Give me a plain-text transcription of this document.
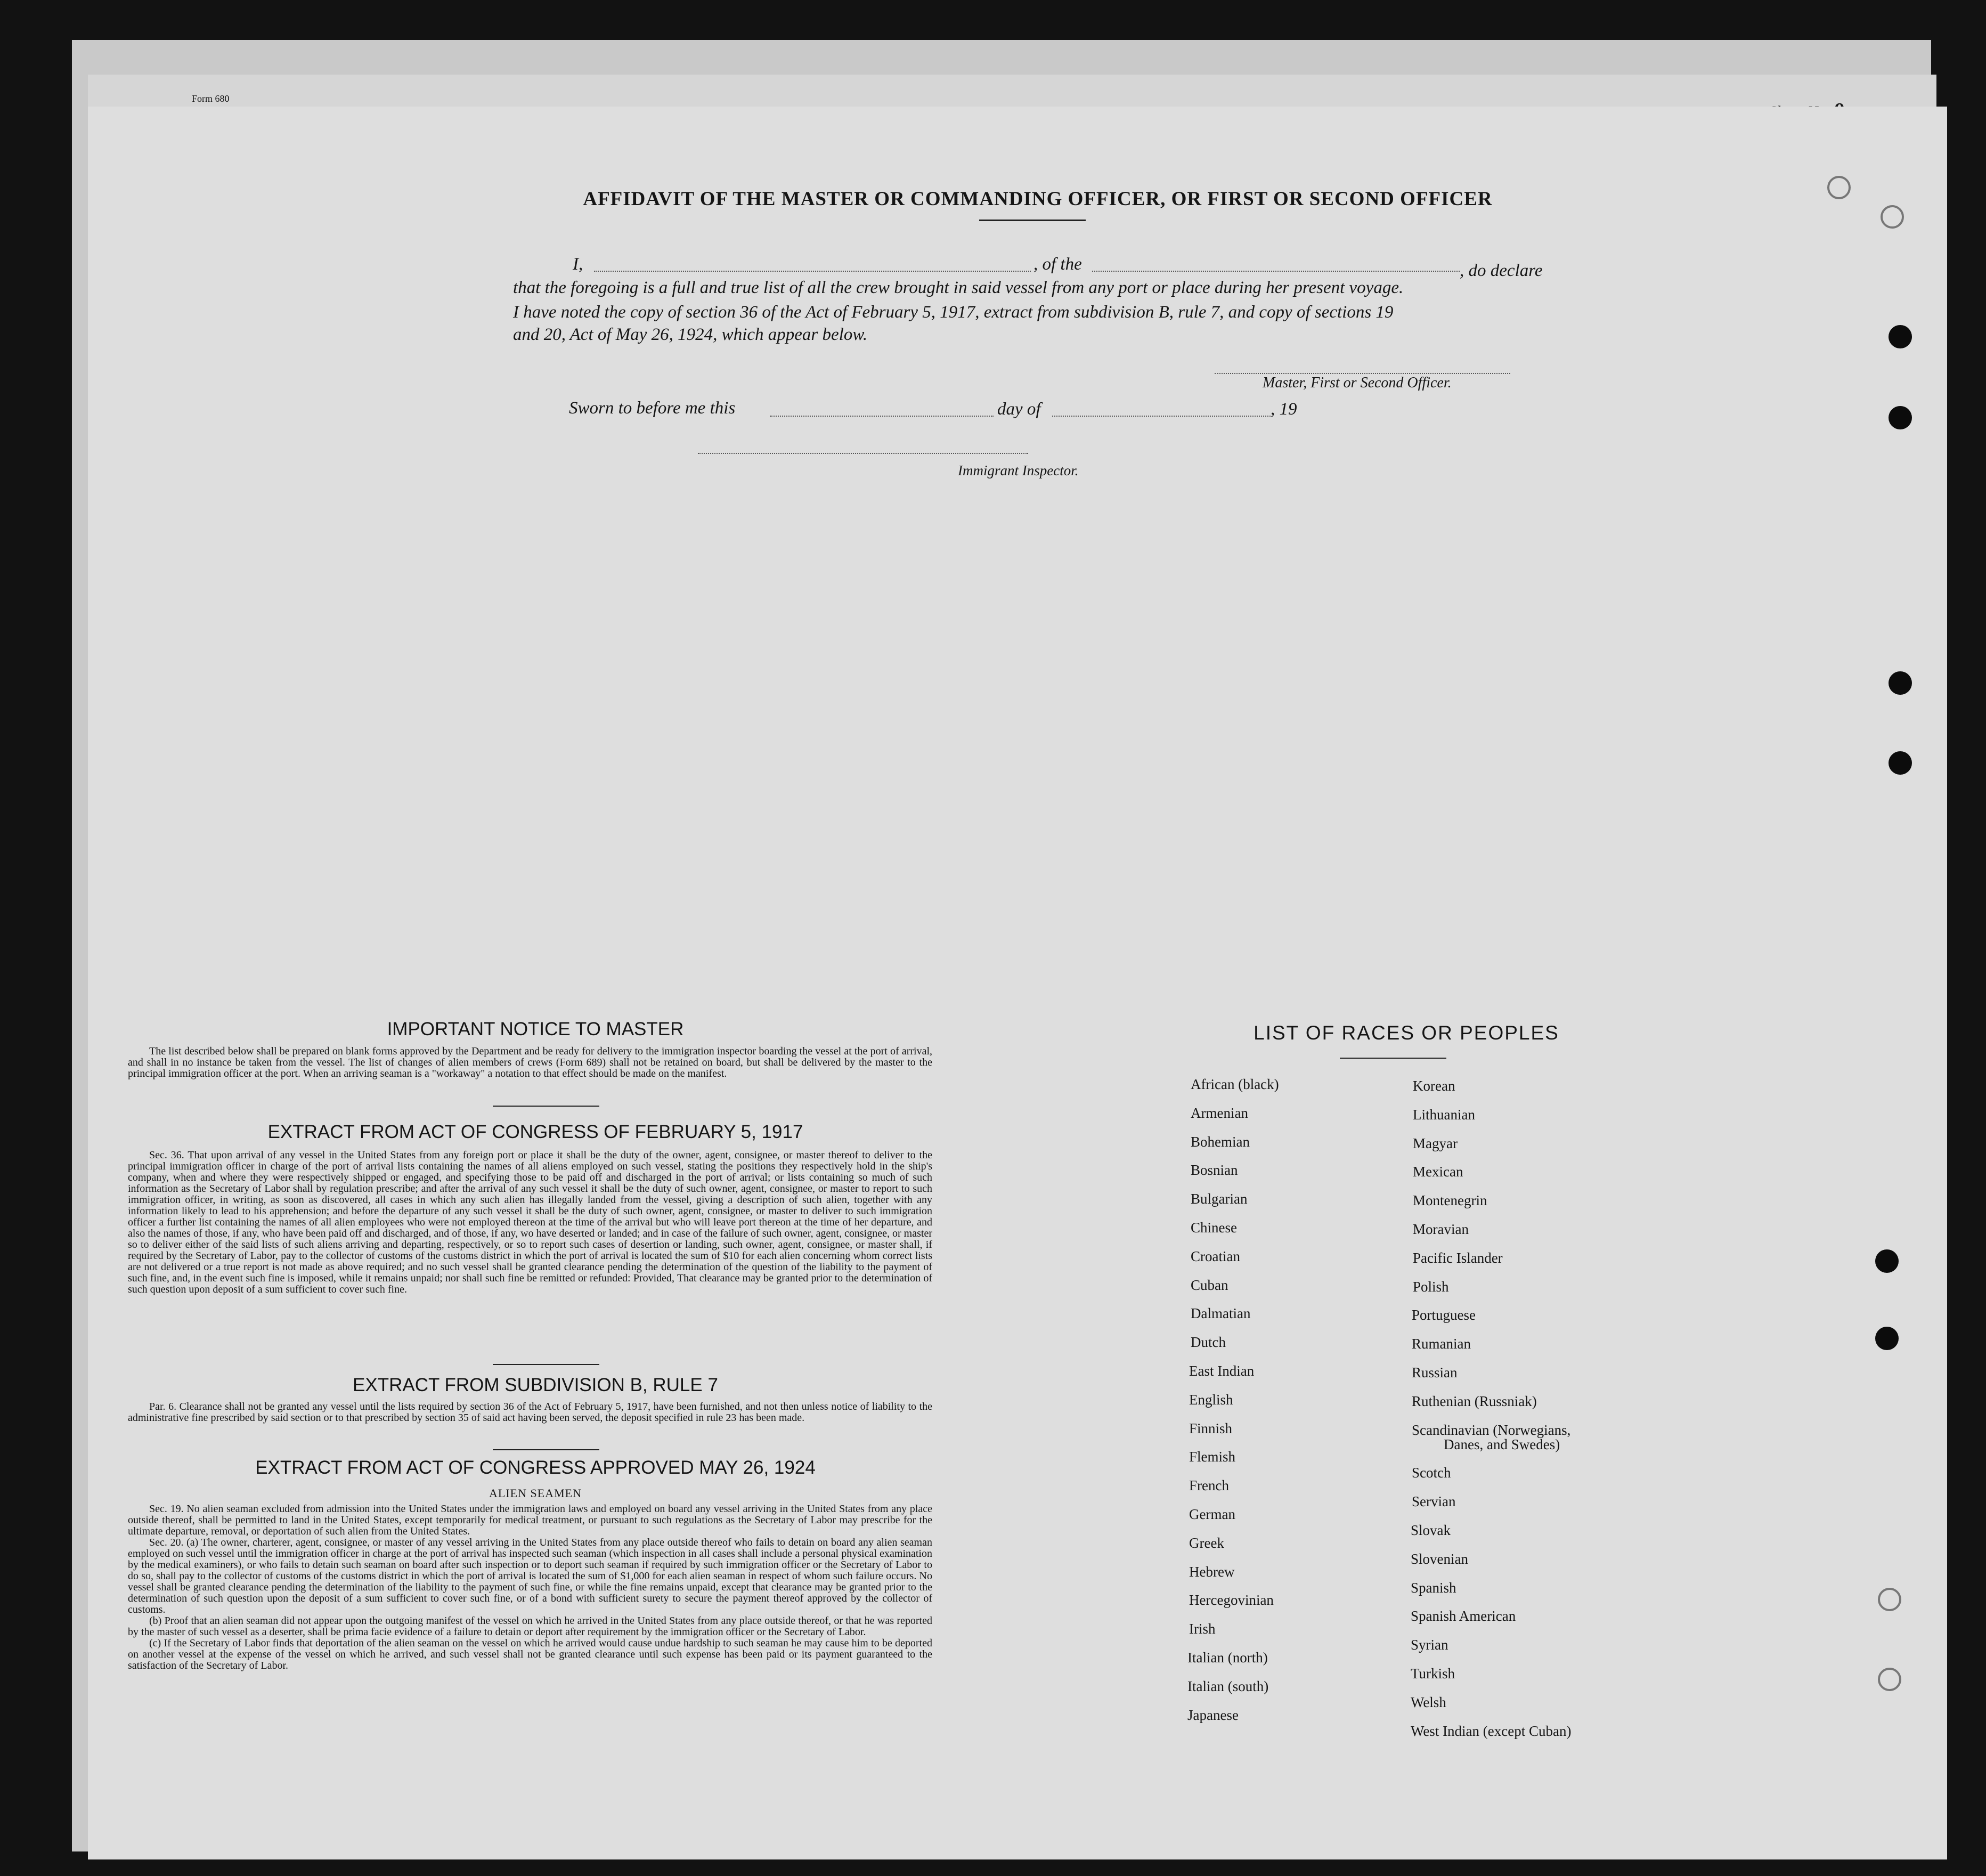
Form 680
AFFIDAVIT OF THE MASTER OR COMMANDING OFFICER, OR FIRST OR SECOND OFFICER
I,	, of the	, do declare
that the foregoing is a full and true list of all the crew brought in said vessel from any port or place during her present voyage.
I have noted the copy of section 36 of the Act of February 5, 1917, extract from subdivision B, rule 7, and copy of sections 19
and 20, Act of May 26, 1924, which appear below.
Master, First or Second Officer.
Sworn to before me this	day of	, 19
Immigrant Inspector.
IMPORTANT NOTICE TO MASTER

The list described below shall be prepared on blank forms approved by the Department and be ready for delivery to the immigration inspector boarding the vessel at the port of arrival, and shall in no instance be taken from the vessel. The list of changes of alien members of crews (Form 689) shall not be retained on board, but shall be delivered by the master to the principal immigration officer at the port. When an arriving seaman is a "workaway" a notation to that effect should be made on the manifest.

EXTRACT FROM ACT OF CONGRESS OF FEBRUARY 5, 1917

Sec. 36. That upon arrival of any vessel in the United States from any foreign port or place it shall be the duty of the owner, agent, consignee, or master thereof to deliver to the principal immigration officer in charge of the port of arrival lists containing the names of all aliens employed on such vessel, stating the positions they respectively hold in the ship's company, when and where they were respectively shipped or engaged, and specifying those to be paid off and discharged in the port of arrival; or lists containing so much of such information as the Secretary of Labor shall by regulation prescribe; and after the arrival of any such vessel it shall be the duty of such owner, agent, consignee, or master to report to such immigration officer, in writing, as soon as discovered, all cases in which any such alien has illegally landed from the vessel, giving a description of such alien, together with any information likely to lead to his apprehension; and before the departure of any such vessel it shall be the duty of such owner, agent, consignee, or master to deliver to such immigration officer a further list containing the names of all alien employees who were not employed thereon at the time of the arrival but who will leave port thereon at the time of her departure, and also the names of those, if any, who have been paid off and discharged, and of those, if any, wo have deserted or landed; and in case of the failure of such owner, agent, consignee, or master so to deliver either of the said lists of such aliens arriving and departing, respectively, or so to report such cases of desertion or landing, such owner, agent, consignee, or master shall, if required by the Secretary of Labor, pay to the collector of customs of the customs district in which the port of arrival is located the sum of $10 for each alien concerning whom correct lists are not delivered or a true report is not made as above required; and no such vessel shall be granted clearance pending the determination of the question of the liability to the payment of such fine, and, in the event such fine is imposed, while it remains unpaid; nor shall such fine be remitted or refunded: Provided, That clearance may be granted prior to the determination of such question upon deposit of a sum sufficient to cover such fine.

EXTRACT FROM SUBDIVISION B, RULE 7

Par. 6. Clearance shall not be granted any vessel until the lists required by section 36 of the Act of February 5, 1917, have been furnished, and not then unless notice of liability to the administrative fine prescribed by said section or to that prescribed by section 35 of said act having been served, the deposit specified in rule 23 has been made.

EXTRACT FROM ACT OF CONGRESS APPROVED MAY 26, 1924
ALIEN SEAMEN

Sec. 19. No alien seaman excluded from admission into the United States under the immigration laws and employed on board any vessel arriving in the United States from any place outside thereof, shall be permitted to land in the United States, except temporarily for medical treatment, or pursuant to such regulations as the Secretary of Labor may prescribe for the ultimate departure, removal, or deportation of such alien from the United States.

Sec. 20. (a) The owner, charterer, agent, consignee, or master of any vessel arriving in the United States from any place outside thereof who fails to detain on board any alien seaman employed on such vessel until the immigration officer in charge at the port of arrival has inspected such seaman (which inspection in all cases shall include a personal physical examination by the medical examiners), or who fails to detain such seaman on board after such inspection or to deport such seaman if required by such immigration officer or the Secretary of Labor to do so, shall pay to the collector of customs of the customs district in which the port of arrival is located the sum of $1,000 for each alien seaman in respect of whom such failure occurs. No vessel shall be granted clearance pending the determination of the liability to the payment of such fine, or while the fine remains unpaid, except that clearance may be granted prior to the determination of such question upon the deposit of a sum sufficient to cover such fine, or of a bond with sufficient surety to secure the payment thereof approved by the collector of customs.

(b) Proof that an alien seaman did not appear upon the outgoing manifest of the vessel on which he arrived in the United States from any place outside thereof, or that he was reported by the master of such vessel as a deserter, shall be prima facie evidence of a failure to detain or deport after requirement by the immigration officer or the Secretary of Labor.

(c) If the Secretary of Labor finds that deportation of the alien seaman on the vessel on which he arrived would cause undue hardship to such seaman he may cause him to be deported on another vessel at the expense of the vessel on which he arrived, and such vessel shall not be granted clearance until such expense has been paid or its payment guaranteed to the satisfaction of the Secretary of Labor.

LIST OF RACES OR PEOPLES
African (black)
Armenian
Bohemian
Bosnian
Bulgarian
Chinese
Croatian
Cuban
Dalmatian
Dutch
East Indian
English
Finnish
Flemish
French
German
Greek
Hebrew
Hercegovinian
Irish
Italian (north)
Italian (south)
Japanese
Korean
Lithuanian
Magyar
Mexican
Montenegrin
Moravian
Pacific Islander
Polish
Portuguese
Rumanian
Russian
Ruthenian (Russniak)
Scandinavian (Norwegians,
Danes, and Swedes)
Scotch
Servian
Slovak
Slovenian
Spanish
Spanish American
Syrian
Turkish
Welsh
West Indian (except Cuban)
